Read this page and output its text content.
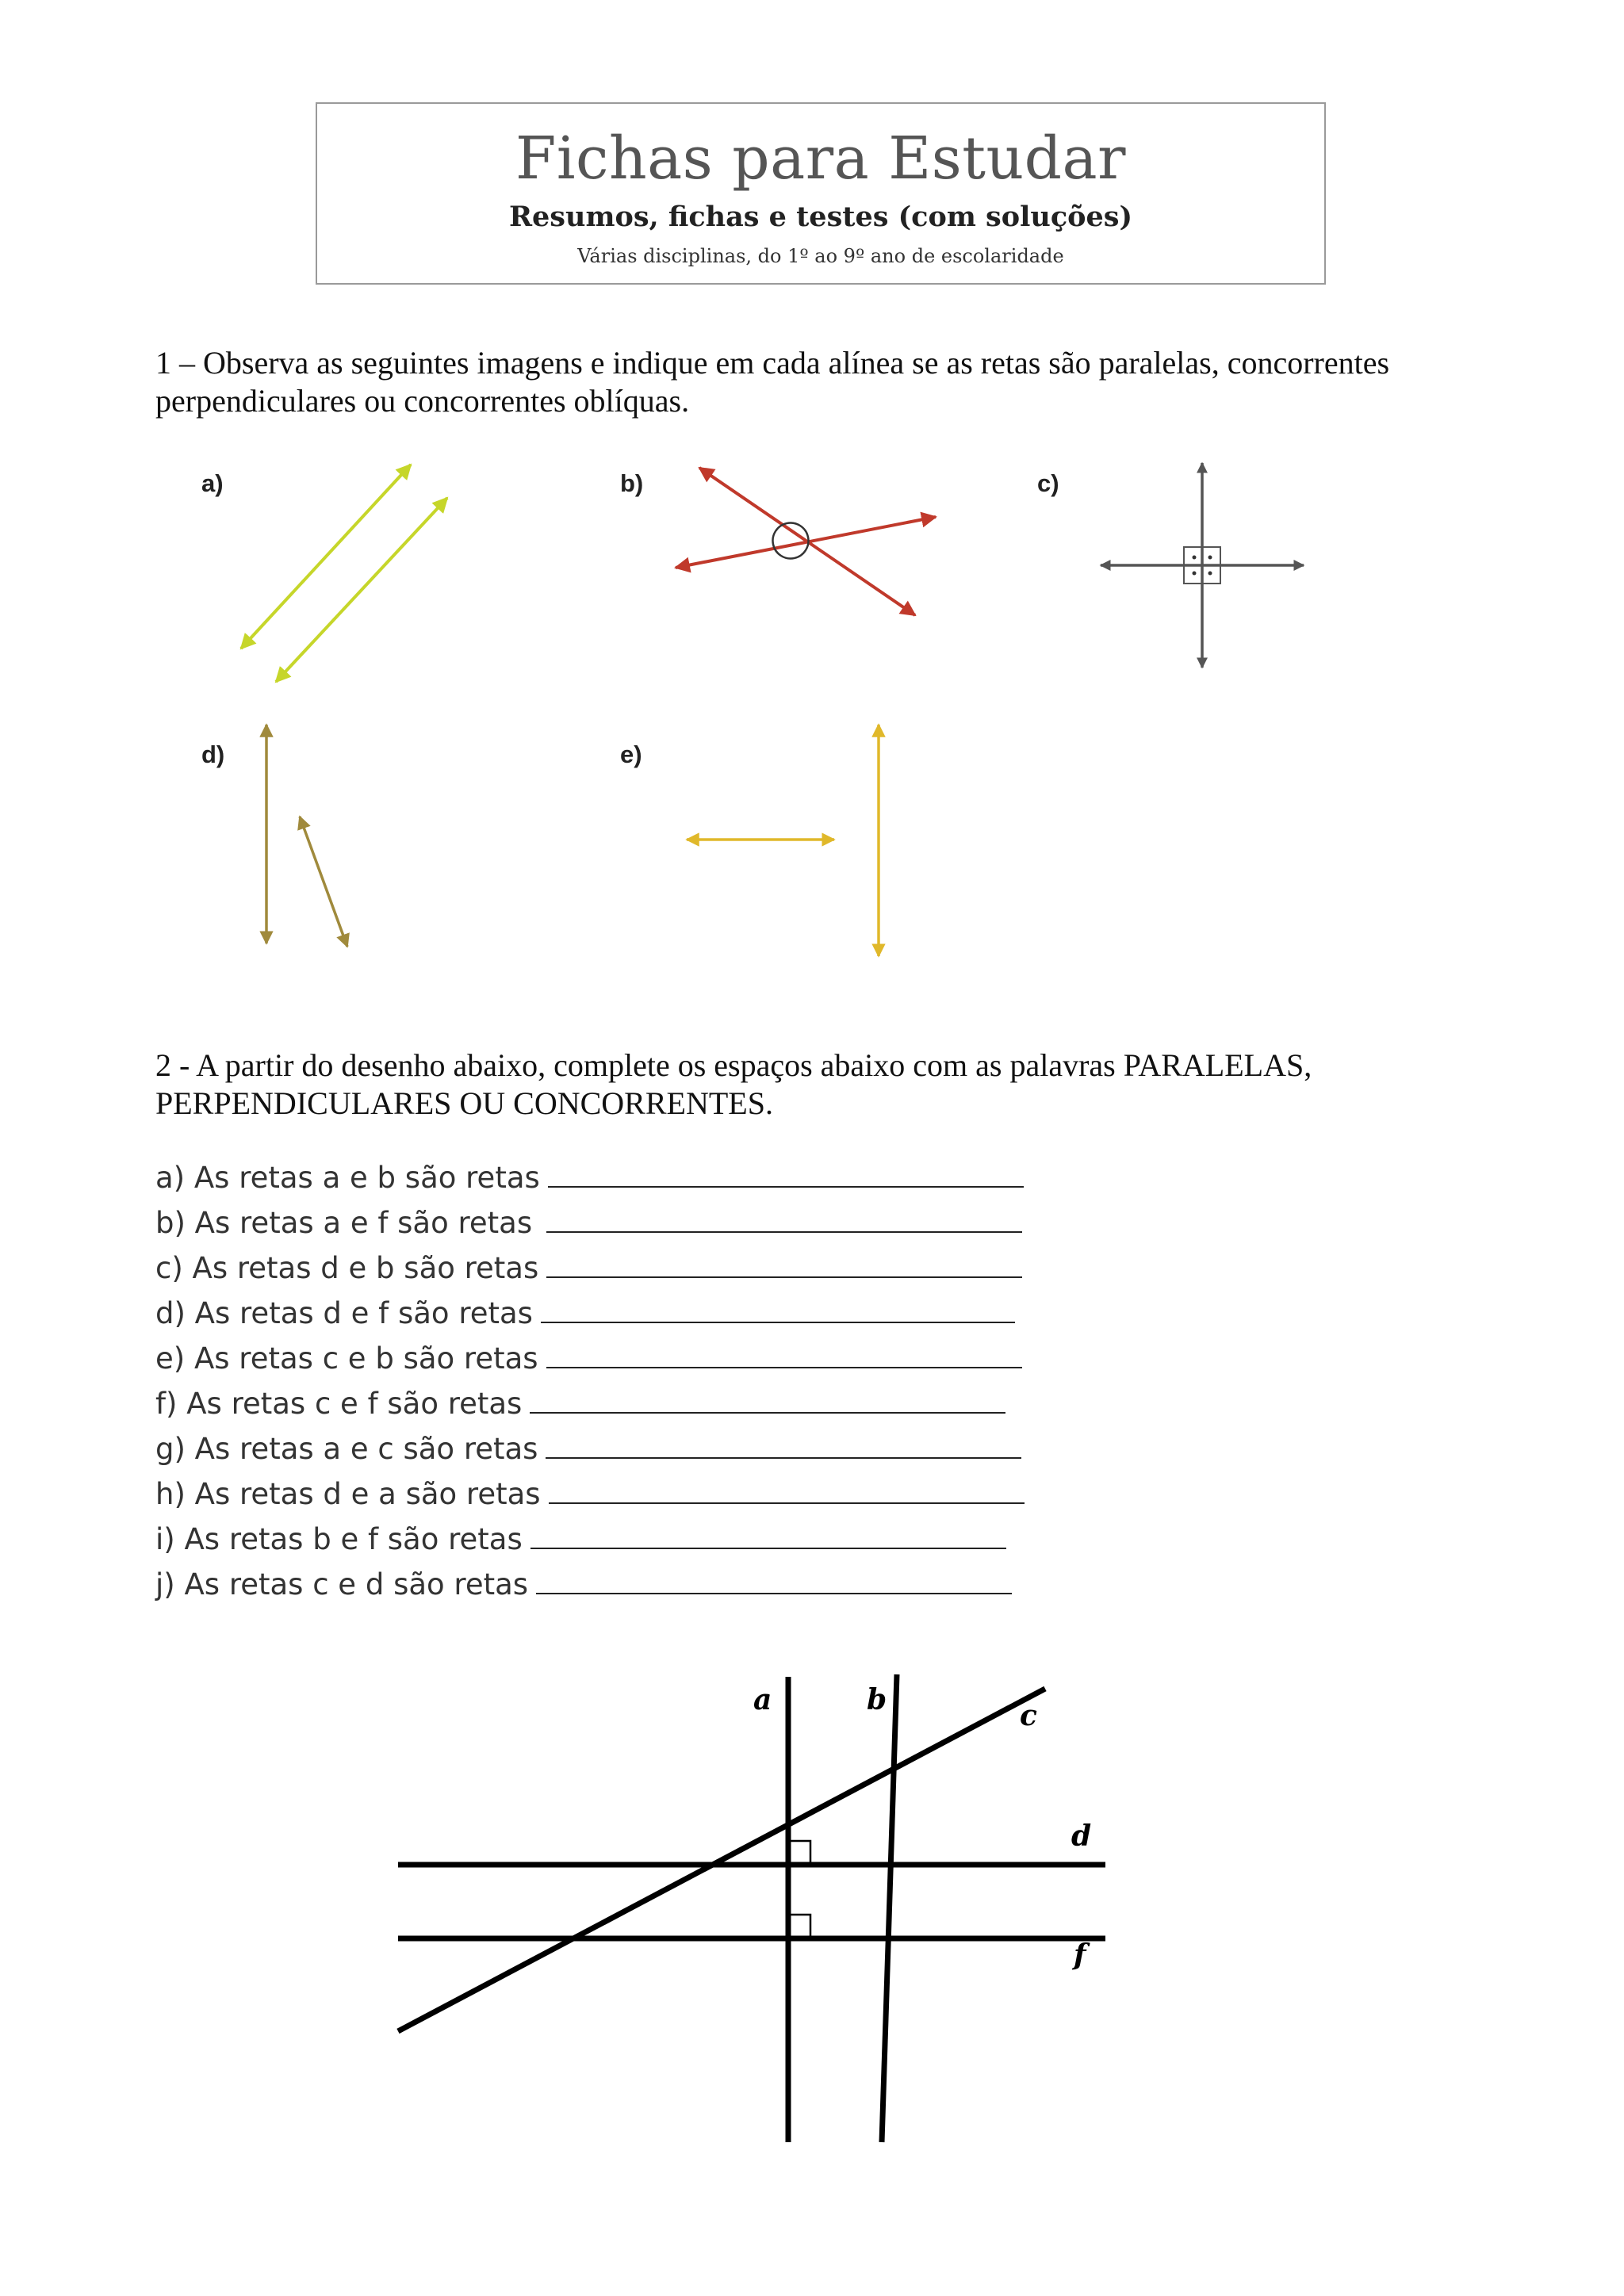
Fichas para Estudar
Resumos, fichas e testes (com soluções)
Várias disciplinas, do 1º ao 9º ano de escolaridade
1 – Observa as seguintes imagens e indique em cada alínea se as retas são paralelas, concorrentes perpendiculares ou concorrentes oblíquas.
a)	b)	c)
d)	e)
2 - A partir do desenho abaixo, complete os espaços abaixo com as palavras PARALELAS, PERPENDICULARES OU CONCORRENTES.
a) As retas a e b são retas
b) As retas a e f são retas
c) As retas d e b são retas
d) As retas d e f são retas
e) As retas c e b são retas
f) As retas c e f são retas
g) As retas a e c são retas
h) As retas d e a são retas
i) As retas b e f são retas
j) As retas c e d são retas
a	b	c
d
f
